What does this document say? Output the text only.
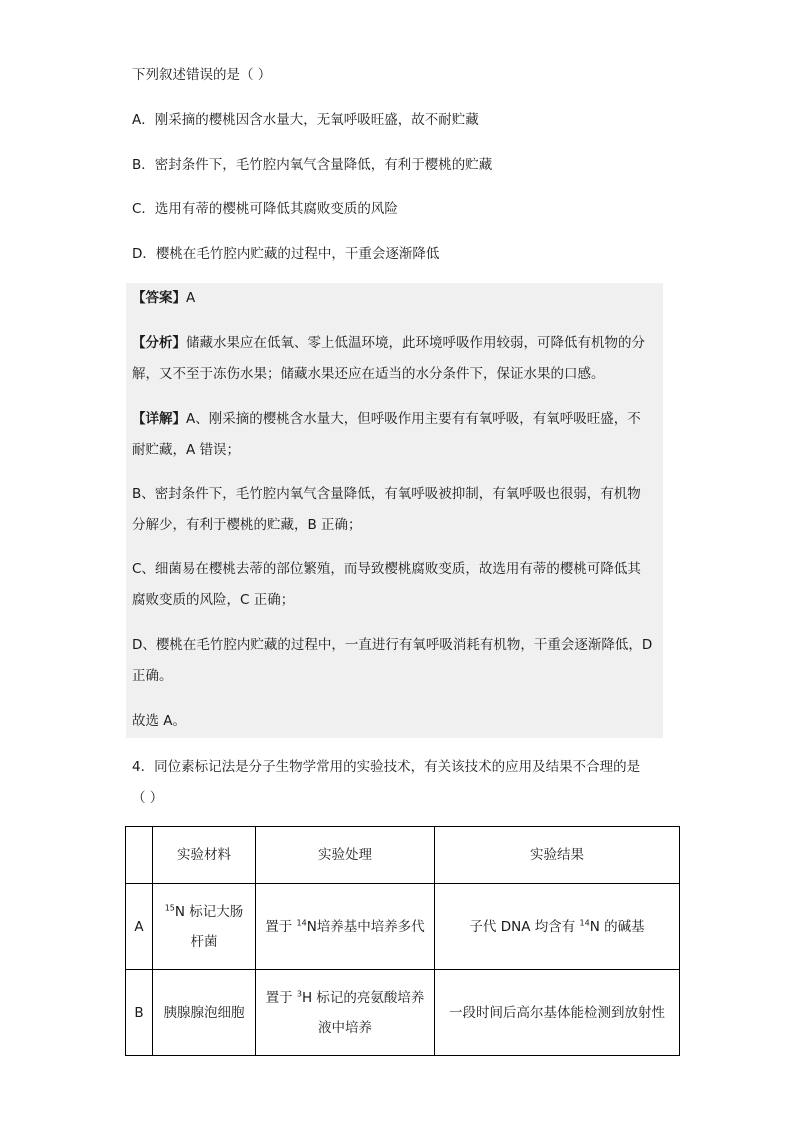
下列叙述错误的是（ ）
A．刚采摘的樱桃因含水量大，无氧呼吸旺盛，故不耐贮藏
B．密封条件下，毛竹腔内氧气含量降低，有利于樱桃的贮藏
C．选用有蒂的樱桃可降低其腐败变质的风险
D．樱桃在毛竹腔内贮藏的过程中，干重会逐渐降低
【答案】A
【分析】储藏水果应在低氧、零上低温环境，此环境呼吸作用较弱，可降低有机物的分
解，又不至于冻伤水果；储藏水果还应在适当的水分条件下，保证水果的口感。
【详解】A、刚采摘的樱桃含水量大，但呼吸作用主要有有氧呼吸，有氧呼吸旺盛，不
耐贮藏，A 错误；
B、密封条件下，毛竹腔内氧气含量降低，有氧呼吸被抑制，有氧呼吸也很弱，有机物
分解少，有利于樱桃的贮藏，B 正确；
C、细菌易在樱桃去蒂的部位繁殖，而导致樱桃腐败变质，故选用有蒂的樱桃可降低其
腐败变质的风险，C 正确；
D、樱桃在毛竹腔内贮藏的过程中，一直进行有氧呼吸消耗有机物，干重会逐渐降低，D
正确。
故选 A。
4．同位素标记法是分子生物学常用的实验技术，有关该技术的应用及结果不合理的是
（ ）
	实验材料	实验处理	实验结果
A	$^{15}$N 标记大肠
杆菌	置于 $^{14}$N培养基中培养多代	子代 DNA 均含有 $^{14}$N 的碱基
B	胰腺腺泡细胞	置于 $^3$H 标记的亮氨酸培养
液中培养	一段时间后高尔基体能检测到放射性
